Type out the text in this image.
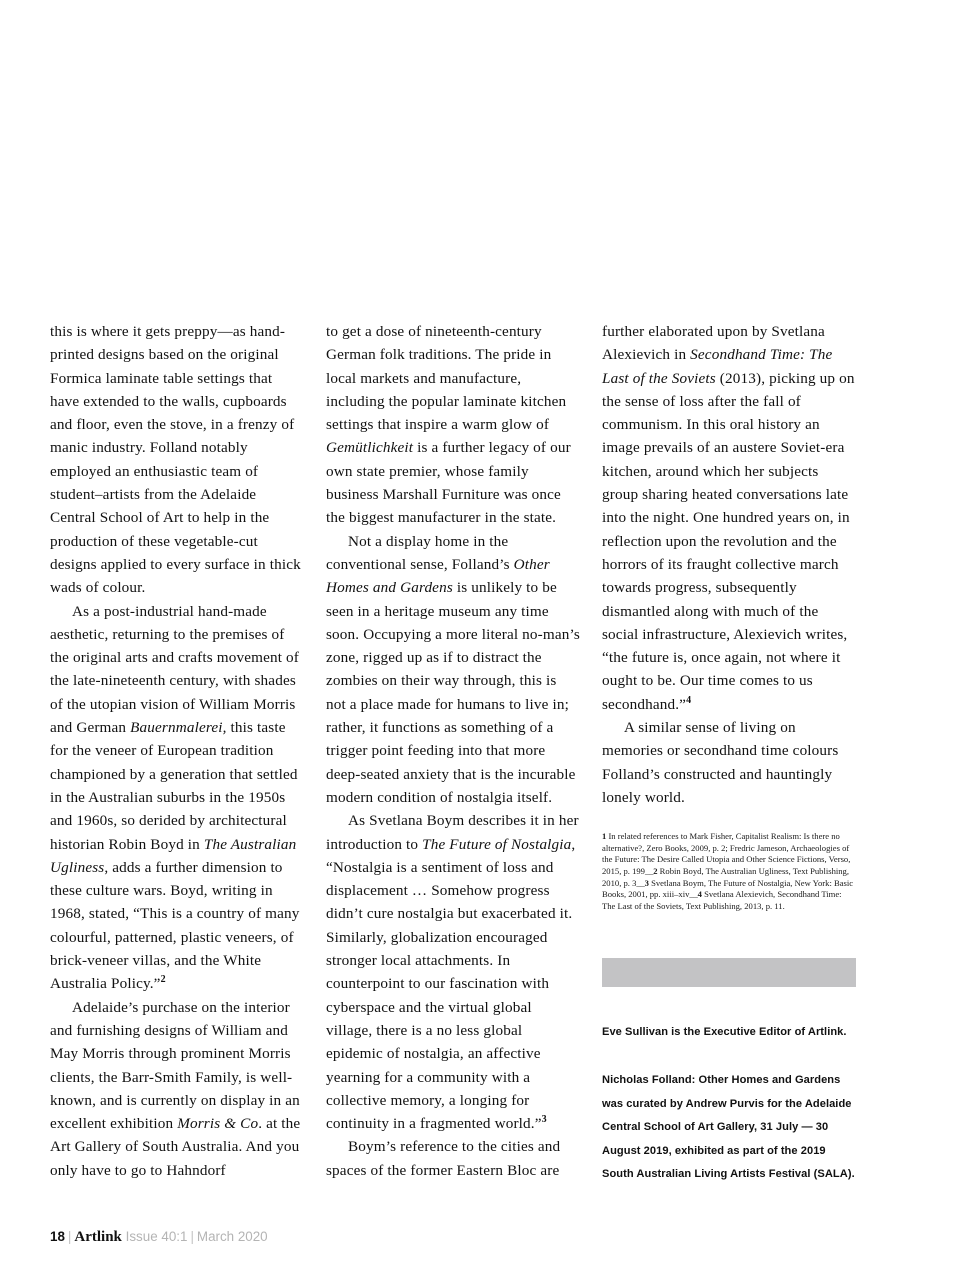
this is where it gets preppy—as hand-printed designs based on the original Formica laminate table settings that have extended to the walls, cupboards and floor, even the stove, in a frenzy of manic industry. Folland notably employed an enthusiastic team of student–artists from the Adelaide Central School of Art to help in the production of these vegetable-cut designs applied to every surface in thick wads of colour.

As a post-industrial hand-made aesthetic, returning to the premises of the original arts and crafts movement of the late-nineteenth century, with shades of the utopian vision of William Morris and German Bauernmalerei, this taste for the veneer of European tradition championed by a generation that settled in the Australian suburbs in the 1950s and 1960s, so derided by architectural historian Robin Boyd in The Australian Ugliness, adds a further dimension to these culture wars. Boyd, writing in 1968, stated, “This is a country of many colourful, patterned, plastic veneers, of brick-veneer villas, and the White Australia Policy.”$^2$

Adelaide’s purchase on the interior and furnishing designs of William and May Morris through prominent Morris clients, the Barr-Smith Family, is well-known, and is currently on display in an excellent exhibition Morris & Co. at the Art Gallery of South Australia. And you only have to go to Hahndorf

to get a dose of nineteenth-century German folk traditions. The pride in local markets and manufacture, including the popular laminate kitchen settings that inspire a warm glow of Gemütlichkeit is a further legacy of our own state premier, whose family business Marshall Furniture was once the biggest manufacturer in the state.

Not a display home in the conventional sense, Folland’s Other Homes and Gardens is unlikely to be seen in a heritage museum any time soon. Occupying a more literal no-man’s zone, rigged up as if to distract the zombies on their way through, this is not a place made for humans to live in; rather, it functions as something of a trigger point feeding into that more deep-seated anxiety that is the incurable modern condition of nostalgia itself.

As Svetlana Boym describes it in her introduction to The Future of Nostalgia, “Nostalgia is a sentiment of loss and displacement … Somehow progress didn’t cure nostalgia but exacerbated it. Similarly, globalization encouraged stronger local attachments. In counterpoint to our fascination with cyberspace and the virtual global village, there is a no less global epidemic of nostalgia, an affective yearning for a community with a collective memory, a longing for continuity in a fragmented world.”$^3$

Boym’s reference to the cities and spaces of the former Eastern Bloc are

further elaborated upon by Svetlana Alexievich in Secondhand Time: The Last of the Soviets (2013), picking up on the sense of loss after the fall of communism. In this oral history an image prevails of an austere Soviet-era kitchen, around which her subjects group sharing heated conversations late into the night. One hundred years on, in reflection upon the revolution and the horrors of its fraught collective march towards progress, subsequently dismantled along with much of the social infrastructure, Alexievich writes, “the future is, once again, not where it ought to be. Our time comes to us secondhand.”$^4$

A similar sense of living on memories or secondhand time colours Folland’s constructed and hauntingly lonely world.

1 In related references to Mark Fisher, Capitalist Realism: Is there no alternative?, Zero Books, 2009, p. 2; Fredric Jameson, Archaeologies of the Future: The Desire Called Utopia and Other Science Fictions, Verso, 2015, p. 199__2 Robin Boyd, The Australian Ugliness, Text Publishing, 2010, p. 3__3 Svetlana Boym, The Future of Nostalgia, New York: Basic Books, 2001, pp. xiii–xiv__4 Svetlana Alexievich, Secondhand Time: The Last of the Soviets, Text Publishing, 2013, p. 11.
Eve Sullivan is the Executive Editor of Artlink.
Nicholas Folland: Other Homes and Gardens was curated by Andrew Purvis for the Adelaide Central School of Art Gallery, 31 July — 30 August 2019, exhibited as part of the 2019 South Australian Living Artists Festival (SALA).
18 | Artlink Issue 40:1 | March 2020
